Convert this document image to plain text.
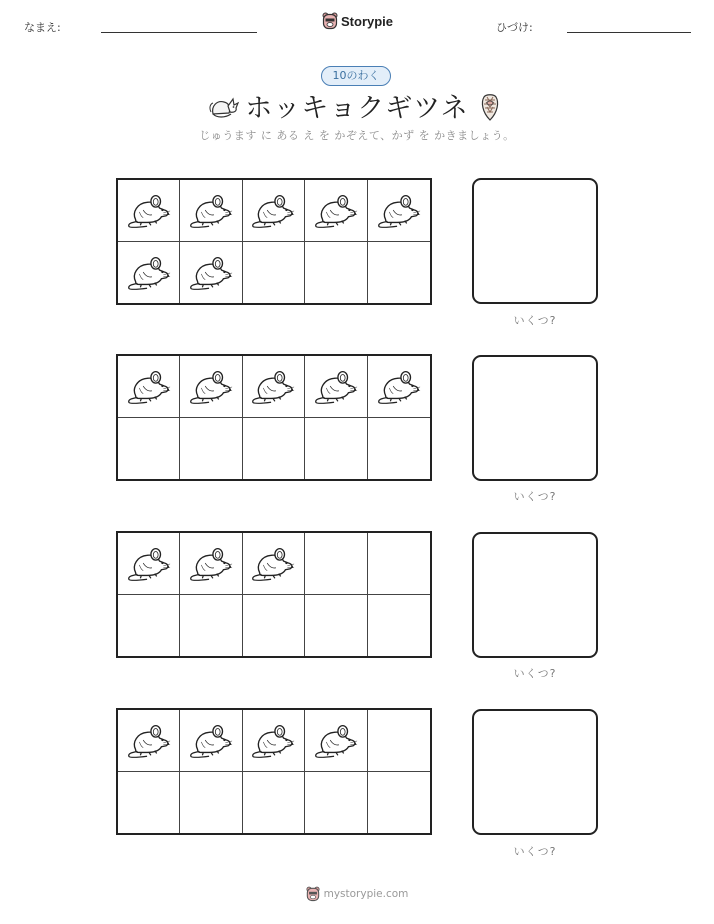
なまえ:	Storypie	ひづけ:
10のわく
ホッキョクギツネ
じゅうます に ある え を かぞえて、かず を かきましょう。
いくつ?
いくつ?
いくつ?
いくつ?
mystorypie.com
